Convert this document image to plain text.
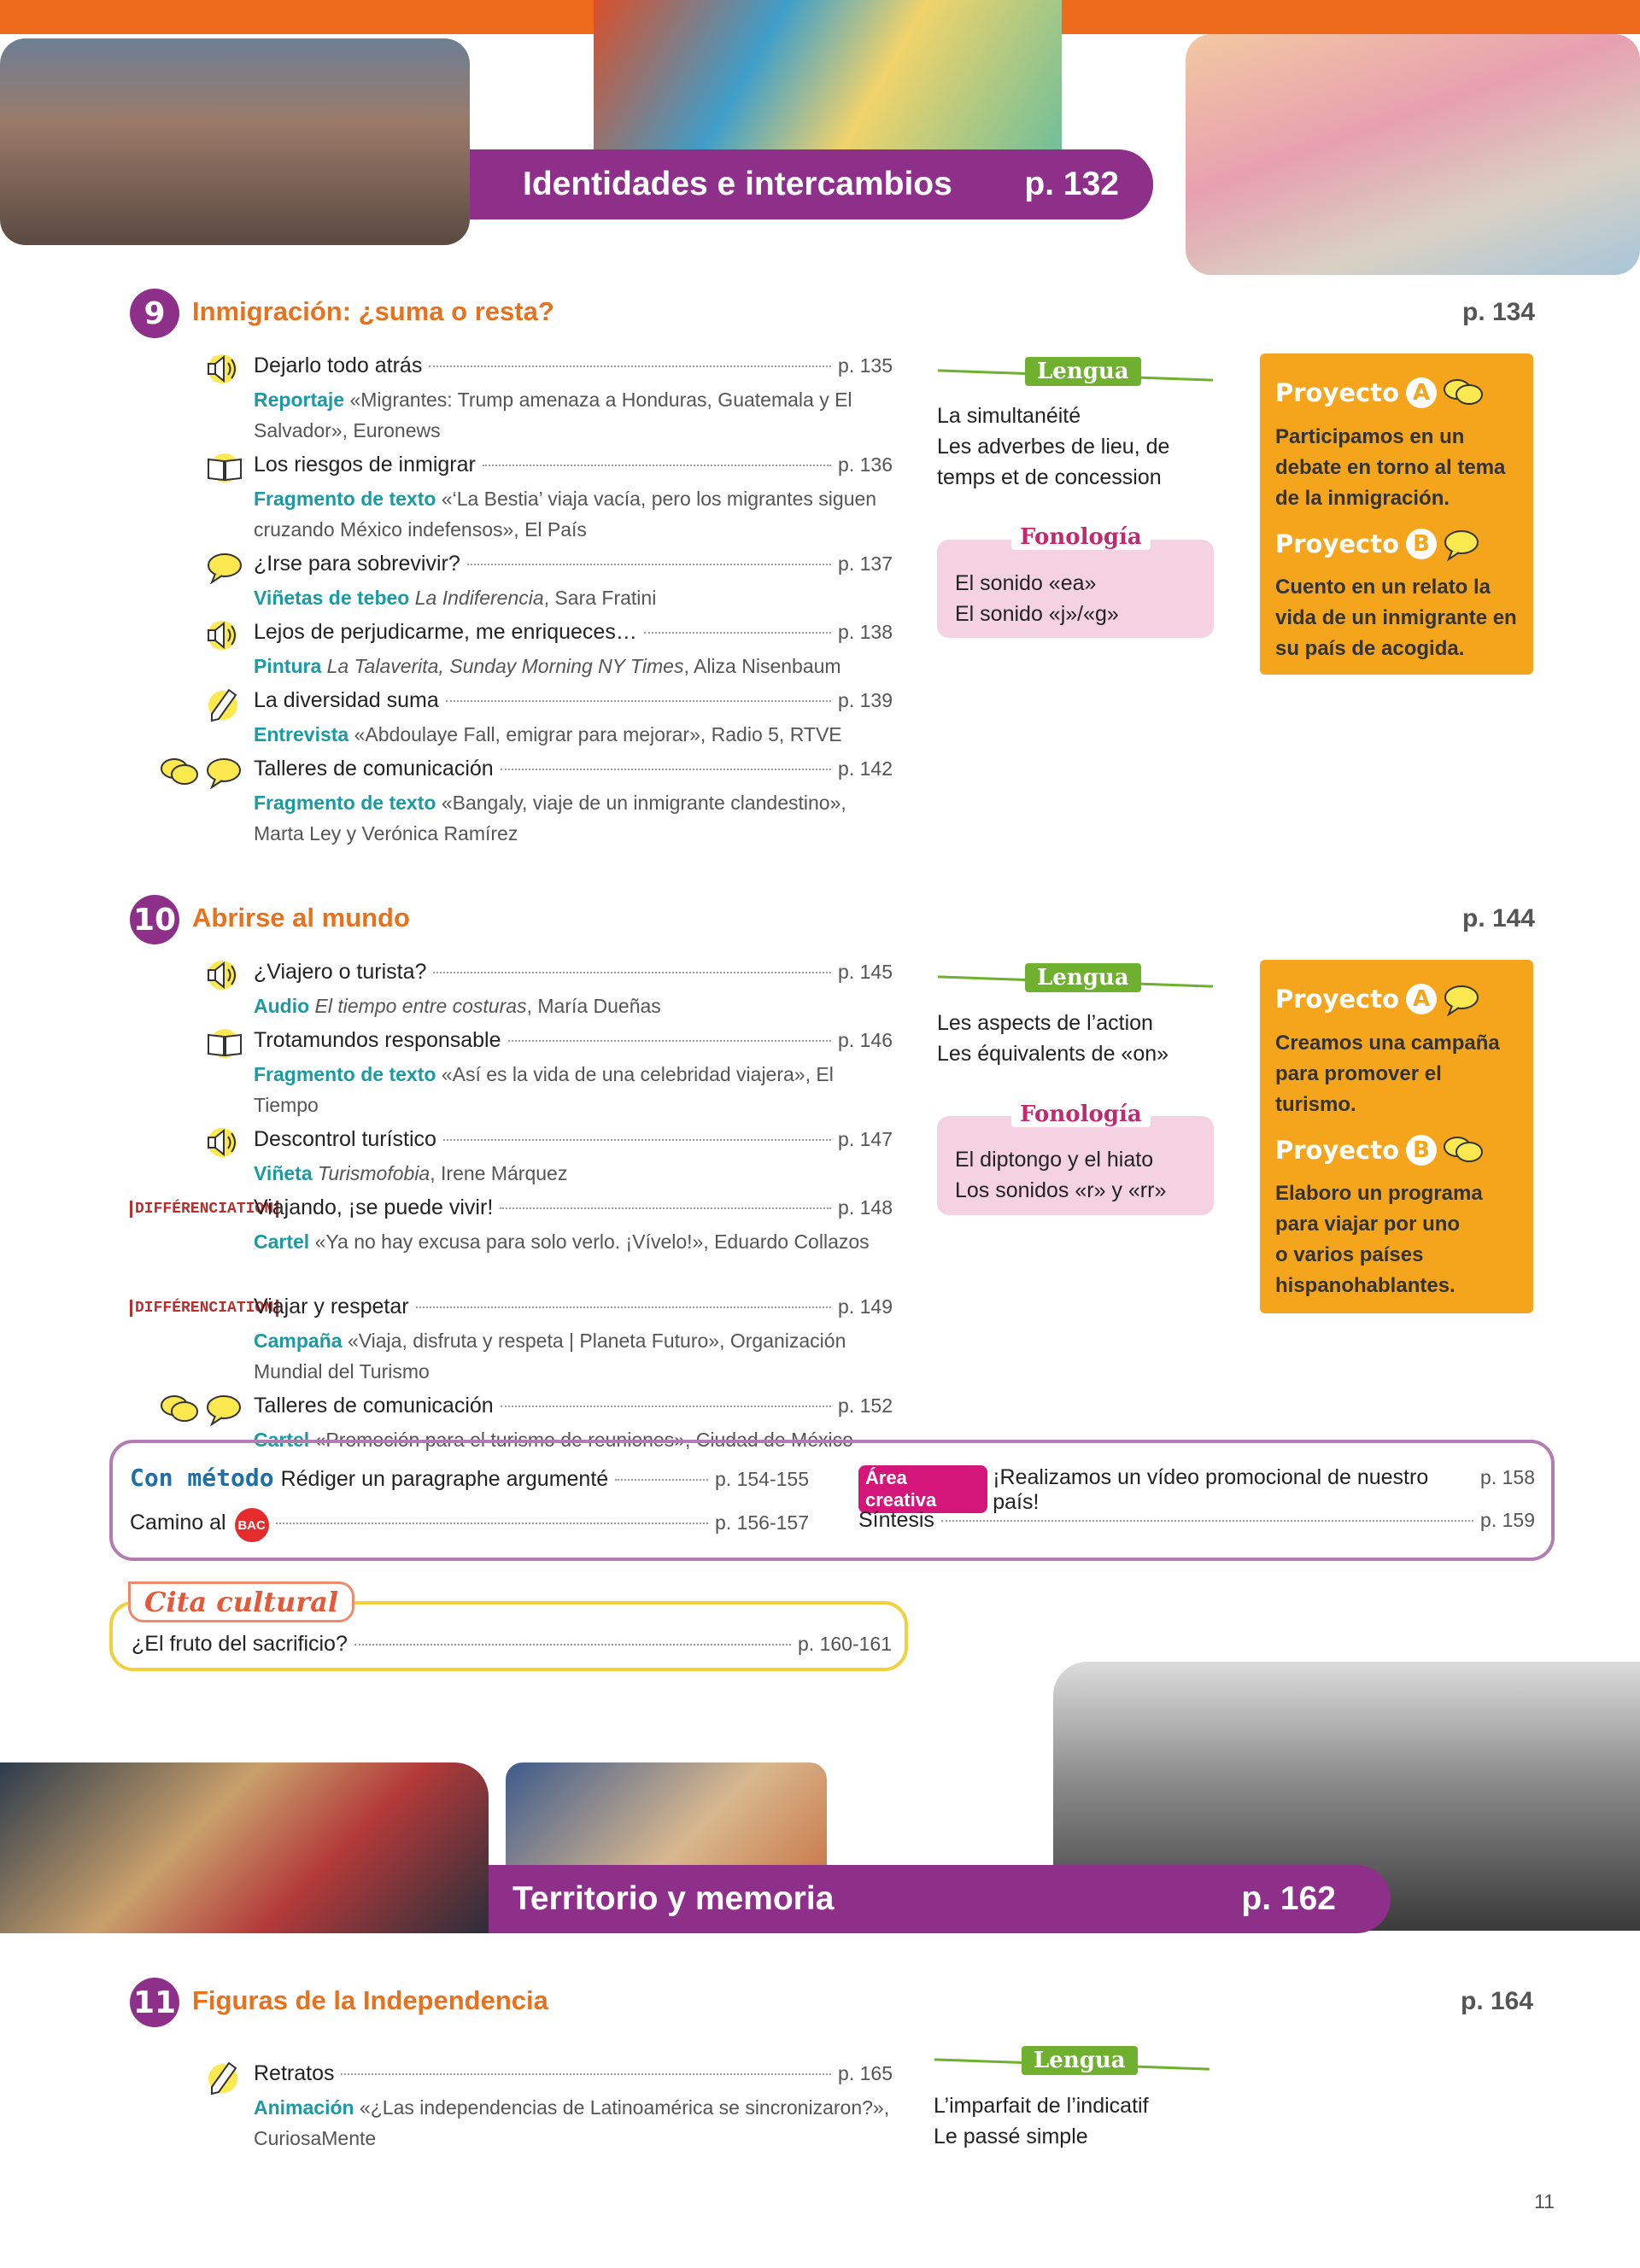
Identidades e intercambios	p. 132
9	Inmigración: ¿suma o resta?	p. 134
Dejarlo todo atrás	p. 135
Reportaje «Migrantes: Trump amenaza a Honduras, Guatemala y El Salvador», Euronews
Los riesgos de inmigrar	p. 136
Fragmento de texto «‘La Bestia’ viaja vacía, pero los migrantes siguen cruzando México indefensos», El País
¿Irse para sobrevivir?	p. 137
Viñetas de tebeo La Indiferencia, Sara Fratini
Lejos de perjudicarme, me enriqueces…	p. 138
Pintura La Talaverita, Sunday Morning NY Times, Aliza Nisenbaum
La diversidad suma	p. 139
Entrevista «Abdoulaye Fall, emigrar para mejorar», Radio 5, RTVE
Talleres de comunicación	p. 142
Fragmento de texto «Bangaly, viaje de un inmigrante clandestino», Marta Ley y Verónica Ramírez
Lengua
La simultanéité
Les adverbes de lieu, de
temps et de concession
Fonología
El sonido «ea»
El sonido «j»/«g»
Proyecto A
Participamos en un
debate en torno al tema
de la inmigración.
Proyecto B
Cuento en un relato la
vida de un inmigrante en
su país de acogida.
10 Abrirse al mundo	p. 144
¿Viajero o turista?	p. 145
Audio El tiempo entre costuras, María Dueñas
Trotamundos responsable	p. 146
Fragmento de texto «Así es la vida de una celebridad viajera», El Tiempo
Descontrol turístico	p. 147
Viñeta Turismofobia, Irene Márquez
DIFFÉRENCIATION
Viajando, ¡se puede vivir!	p. 148
Cartel «Ya no hay excusa para solo verlo. ¡Vívelo!», Eduardo Collazos
DIFFÉRENCIATION
Viajar y respetar	p. 149
Campaña «Viaja, disfruta y respeta | Planeta Futuro», Organización Mundial del Turismo
Talleres de comunicación	p. 152
Cartel «Promoción para el turismo de reuniones», Ciudad de México
Lengua
Les aspects de l’action
Les équivalents de «on»
Fonología
El diptongo y el hiato
Los sonidos «r» y «rr»
Proyecto A
Creamos una campaña
para promover el
turismo.
Proyecto B
Elaboro un programa
para viajar por uno
o varios países
hispanohablantes.
Con método Rédiger un paragraphe argumenté	p. 154-155
Camino al BAC	p. 156-157
Área creativa
¡Realizamos un vídeo promocional de nuestro país!
p. 158
Síntesis	p. 159
Cita cultural
¿El fruto del sacrificio?	p. 160-161
Territorio y memoria	p. 162
11 Figuras de la Independencia	p. 164
Retratos	p. 165
Animación «¿Las independencias de Latinoamérica se sincronizaron?», CuriosaMente
Lengua
L’imparfait de l’indicatif
Le passé simple
11
